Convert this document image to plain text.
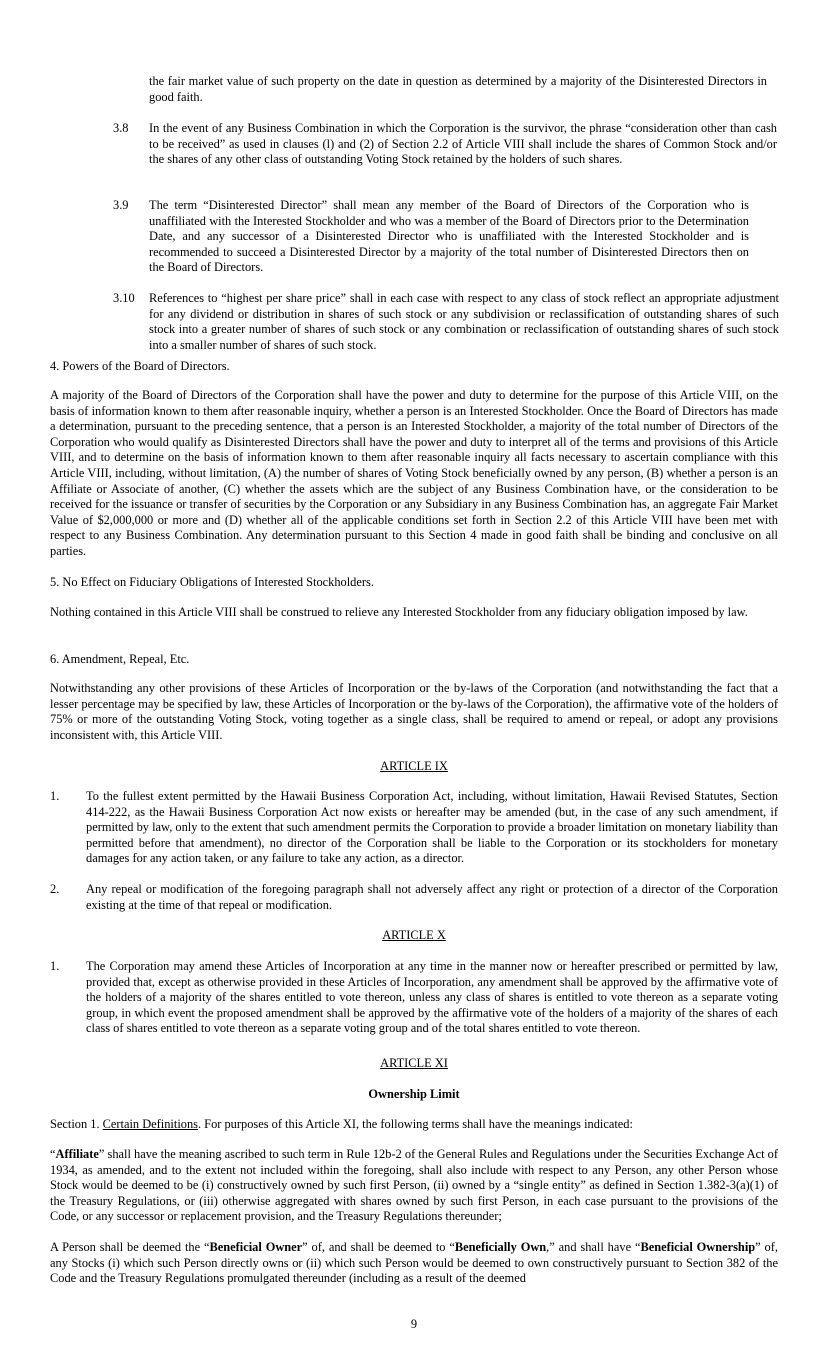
the fair market value of such property on the date in question as determined by a majority of the Disinterested Directors in good faith.

3.8 In the event of any Business Combination in which the Corporation is the survivor, the phrase “consideration other than cash to be received” as used in clauses (l) and (2) of Section 2.2 of Article VIII shall include the shares of Common Stock and/or the shares of any other class of outstanding Voting Stock retained by the holders of such shares.

3.9 The term “Disinterested Director” shall mean any member of the Board of Directors of the Corporation who is unaffiliated with the Interested Stockholder and who was a member of the Board of Directors prior to the Determination Date, and any successor of a Disinterested Director who is unaffiliated with the Interested Stockholder and is recommended to succeed a Disinterested Director by a majority of the total number of Disinterested Directors then on the Board of Directors.

3.10 References to “highest per share price” shall in each case with respect to any class of stock reflect an appropriate adjustment for any dividend or distribution in shares of such stock or any subdivision or reclassification of outstanding shares of such stock into a greater number of shares of such stock or any combination or reclassification of outstanding shares of such stock into a smaller number of shares of such stock.

4. Powers of the Board of Directors.

A majority of the Board of Directors of the Corporation shall have the power and duty to determine for the purpose of this Article VIII, on the basis of information known to them after reasonable inquiry, whether a person is an Interested Stockholder. Once the Board of Directors has made a determination, pursuant to the preceding sentence, that a person is an Interested Stockholder, a majority of the total number of Directors of the Corporation who would qualify as Disinterested Directors shall have the power and duty to interpret all of the terms and provisions of this Article VIII, and to determine on the basis of information known to them after reasonable inquiry all facts necessary to ascertain compliance with this Article VIII, including, without limitation, (A) the number of shares of Voting Stock beneficially owned by any person, (B) whether a person is an Affiliate or Associate of another, (C) whether the assets which are the subject of any Business Combination have, or the consideration to be received for the issuance or transfer of securities by the Corporation or any Subsidiary in any Business Combination has, an aggregate Fair Market Value of $2,000,000 or more and (D) whether all of the applicable conditions set forth in Section 2.2 of this Article VIII have been met with respect to any Business Combination. Any determination pursuant to this Section 4 made in good faith shall be binding and conclusive on all parties.

5. No Effect on Fiduciary Obligations of Interested Stockholders.

Nothing contained in this Article VIII shall be construed to relieve any Interested Stockholder from any fiduciary obligation imposed by law.

6. Amendment, Repeal, Etc.

Notwithstanding any other provisions of these Articles of Incorporation or the by-laws of the Corporation (and notwithstanding the fact that a lesser percentage may be specified by law, these Articles of Incorporation or the by-laws of the Corporation), the affirmative vote of the holders of 75% or more of the outstanding Voting Stock, voting together as a single class, shall be required to amend or repeal, or adopt any provisions inconsistent with, this Article VIII.

ARTICLE IX

1. To the fullest extent permitted by the Hawaii Business Corporation Act, including, without limitation, Hawaii Revised Statutes, Section 414-222, as the Hawaii Business Corporation Act now exists or hereafter may be amended (but, in the case of any such amendment, if permitted by law, only to the extent that such amendment permits the Corporation to provide a broader limitation on monetary liability than permitted before that amendment), no director of the Corporation shall be liable to the Corporation or its stockholders for monetary damages for any action taken, or any failure to take any action, as a director.

2. Any repeal or modification of the foregoing paragraph shall not adversely affect any right or protection of a director of the Corporation existing at the time of that repeal or modification.

ARTICLE X

1. The Corporation may amend these Articles of Incorporation at any time in the manner now or hereafter prescribed or permitted by law, provided that, except as otherwise provided in these Articles of Incorporation, any amendment shall be approved by the affirmative vote of the holders of a majority of the shares entitled to vote thereon, unless any class of shares is entitled to vote thereon as a separate voting group, in which event the proposed amendment shall be approved by the affirmative vote of the holders of a majority of the shares of each class of shares entitled to vote thereon as a separate voting group and of the total shares entitled to vote thereon.

ARTICLE XI

Ownership Limit

Section 1. Certain Definitions. For purposes of this Article XI, the following terms shall have the meanings indicated:

“Affiliate” shall have the meaning ascribed to such term in Rule 12b-2 of the General Rules and Regulations under the Securities Exchange Act of 1934, as amended, and to the extent not included within the foregoing, shall also include with respect to any Person, any other Person whose Stock would be deemed to be (i) constructively owned by such first Person, (ii) owned by a “single entity” as defined in Section 1.382-3(a)(1) of the Treasury Regulations, or (iii) otherwise aggregated with shares owned by such first Person, in each case pursuant to the provisions of the Code, or any successor or replacement provision, and the Treasury Regulations thereunder;

A Person shall be deemed the “Beneficial Owner” of, and shall be deemed to “Beneficially Own,” and shall have “Beneficial Ownership” of, any Stocks (i) which such Person directly owns or (ii) which such Person would be deemed to own constructively pursuant to Section 382 of the Code and the Treasury Regulations promulgated thereunder (including as a result of the deemed

9
